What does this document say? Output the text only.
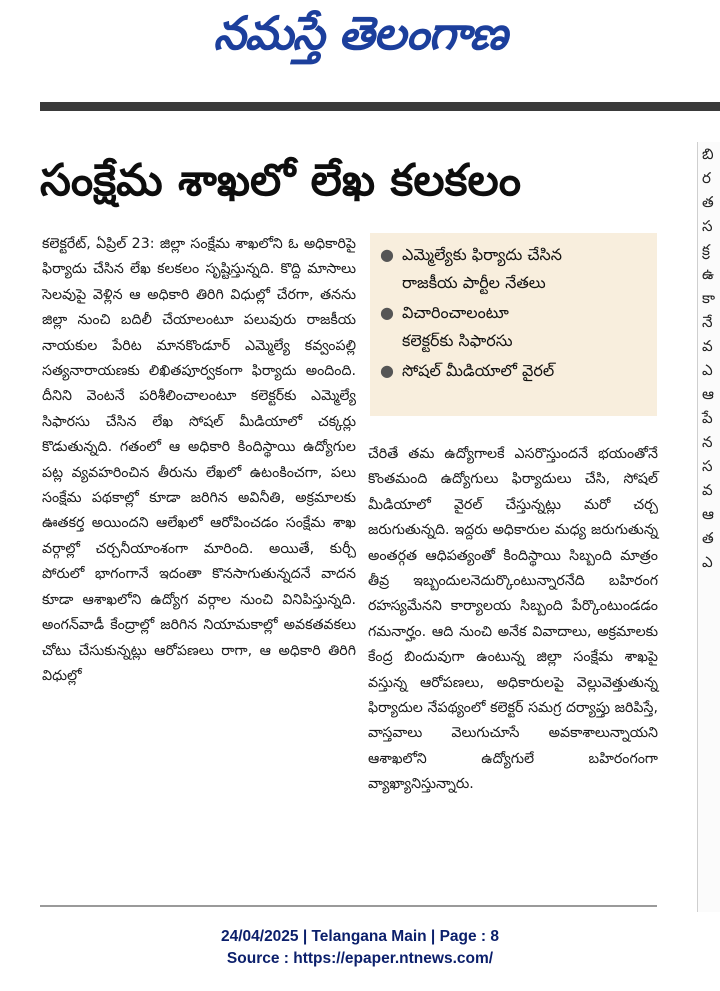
నమస్తే తెలంగాణ
బి
ర
త
స
క్ర
ఉ
కా
నే
వ
ఎ
ఆ
పే
న
స
వ
ఆ
త
ఎ
సంక్షేమ శాఖలో లేఖ కలకలం

కలెక్టరేట్‌, ఏప్రిల్‌ 23: జిల్లా సంక్షేమ శాఖలోని ఓ అధికారిపై ఫిర్యాదు చేసిన లేఖ కలకలం సృష్టిస్తున్నది. కొద్ది మాసాలు సెలవుపై వెళ్లిన ఆ అధికారి తిరిగి విధుల్లో చేరగా, తనను జిల్లా నుంచి బదిలీ చేయాలంటూ పలువురు రాజకీయ నాయకుల పేరిట మానకొండూర్‌ ఎమ్మెల్యే కవ్వంపల్లి సత్యనారాయణకు లిఖితపూర్వకంగా ఫిర్యాదు అందింది. దీనిని వెంటనే పరిశీలించాలంటూ కలెక్టర్‌కు ఎమ్మెల్యే సిఫారసు చేసిన లేఖ సోషల్‌ మీడియాలో చక్కర్లు కొడుతున్నది. గతంలో ఆ అధికారి కిందిస్థాయి ఉద్యోగుల పట్ల వ్యవహరించిన తీరును లేఖలో ఉటంకించగా, పలు సంక్షేమ పథకాల్లో కూడా జరిగిన అవినీతి, అక్రమాలకు ఊతకర్త అయిందని ఆలేఖలో ఆరోపించడం సంక్షేమ శాఖ వర్గాల్లో చర్చనీయాంశంగా మారింది. అయితే, కుర్చీ పోరులో భాగంగానే ఇదంతా కొనసాగుతున్నదనే వాదన కూడా ఆశాఖలోని ఉద్యోగ వర్గాల నుంచి వినిపిస్తున్నది. అంగన్‌వాడీ కేంద్రాల్లో జరిగిన నియామకాల్లో అవకతవకలు చోటు చేసుకున్నట్లు ఆరోపణలు రాగా, ఆ అధికారి తిరిగి విధుల్లో

● ఎమ్మెల్యేకు ఫిర్యాదు చేసిన
రాజకీయ పార్టీల నేతలు
● విచారించాలంటూ
కలెక్టర్‌కు సిఫారసు
● సోషల్‌ మీడియాలో వైరల్‌

చేరితే తమ ఉద్యోగాలకే ఎసరొస్తుందనే భయంతోనే కొంతమంది ఉద్యోగులు ఫిర్యాదులు చేసి, సోషల్‌ మీడియాలో వైరల్‌ చేస్తున్నట్లు మరో చర్చ జరుగుతున్నది. ఇద్దరు అధికారుల మధ్య జరుగుతున్న అంతర్గత ఆధిపత్యంతో కిందిస్థాయి సిబ్బంది మాత్రం తీవ్ర ఇబ్బందులనెదుర్కొంటున్నారనేది బహిరంగ రహస్యమేనని కార్యాలయ సిబ్బంది పేర్కొంటుండడం గమనార్హం. ఆది నుంచి అనేక వివాదాలు, అక్రమాలకు కేంద్ర బిందువుగా ఉంటున్న జిల్లా సంక్షేమ శాఖపై వస్తున్న ఆరోపణలు, అధికారులపై వెల్లువెత్తుతున్న ఫిర్యాదుల నేపథ్యంలో కలెక్టర్‌ సమగ్ర దర్యాప్తు జరిపిస్తే, వాస్తవాలు వెలుగుచూసే అవకాశాలున్నాయని ఆశాఖలోని ఉద్యోగులే బహిరంగంగా వ్యాఖ్యానిస్తున్నారు.

24/04/2025 | Telangana Main | Page : 8
Source : https://epaper.ntnews.com/
